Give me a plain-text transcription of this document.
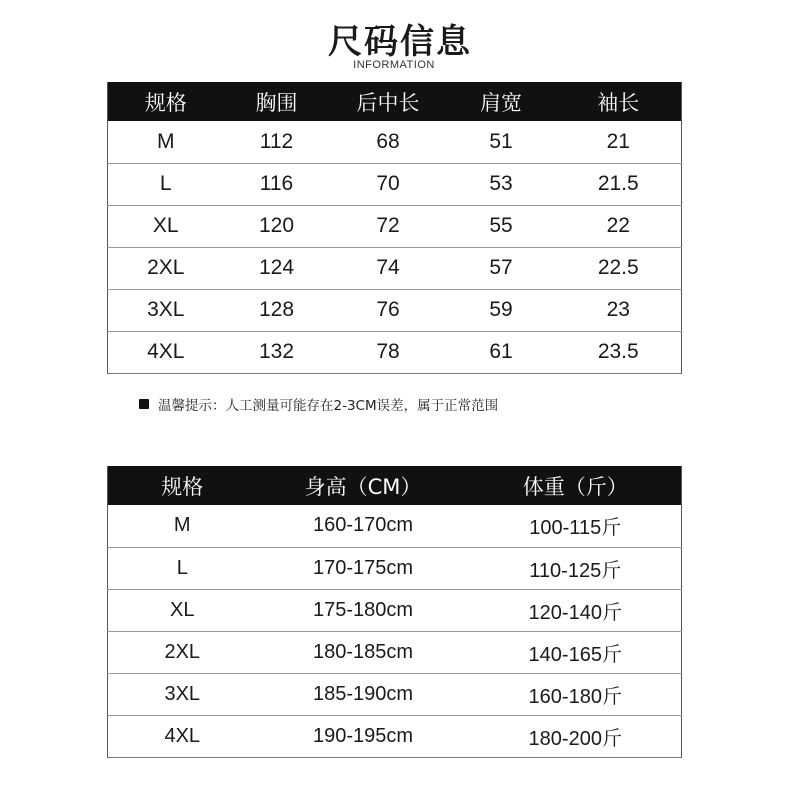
尺码信息
INFORMATION
规格	胸围	后中长	肩宽	袖长
M	112	68	51	21
L	116	70	53	21.5
XL	120	72	55	22
2XL	124	74	57	22.5
3XL	128	76	59	23
4XL	132	78	61	23.5
温馨提示：人工测量可能存在2-3CM误差，属于正常范围
规格	身高（CM）	体重（斤）
M	160-170cm	100-115斤
L	170-175cm	110-125斤
XL	175-180cm	120-140斤
2XL	180-185cm	140-165斤
3XL	185-190cm	160-180斤
4XL	190-195cm	180-200斤
